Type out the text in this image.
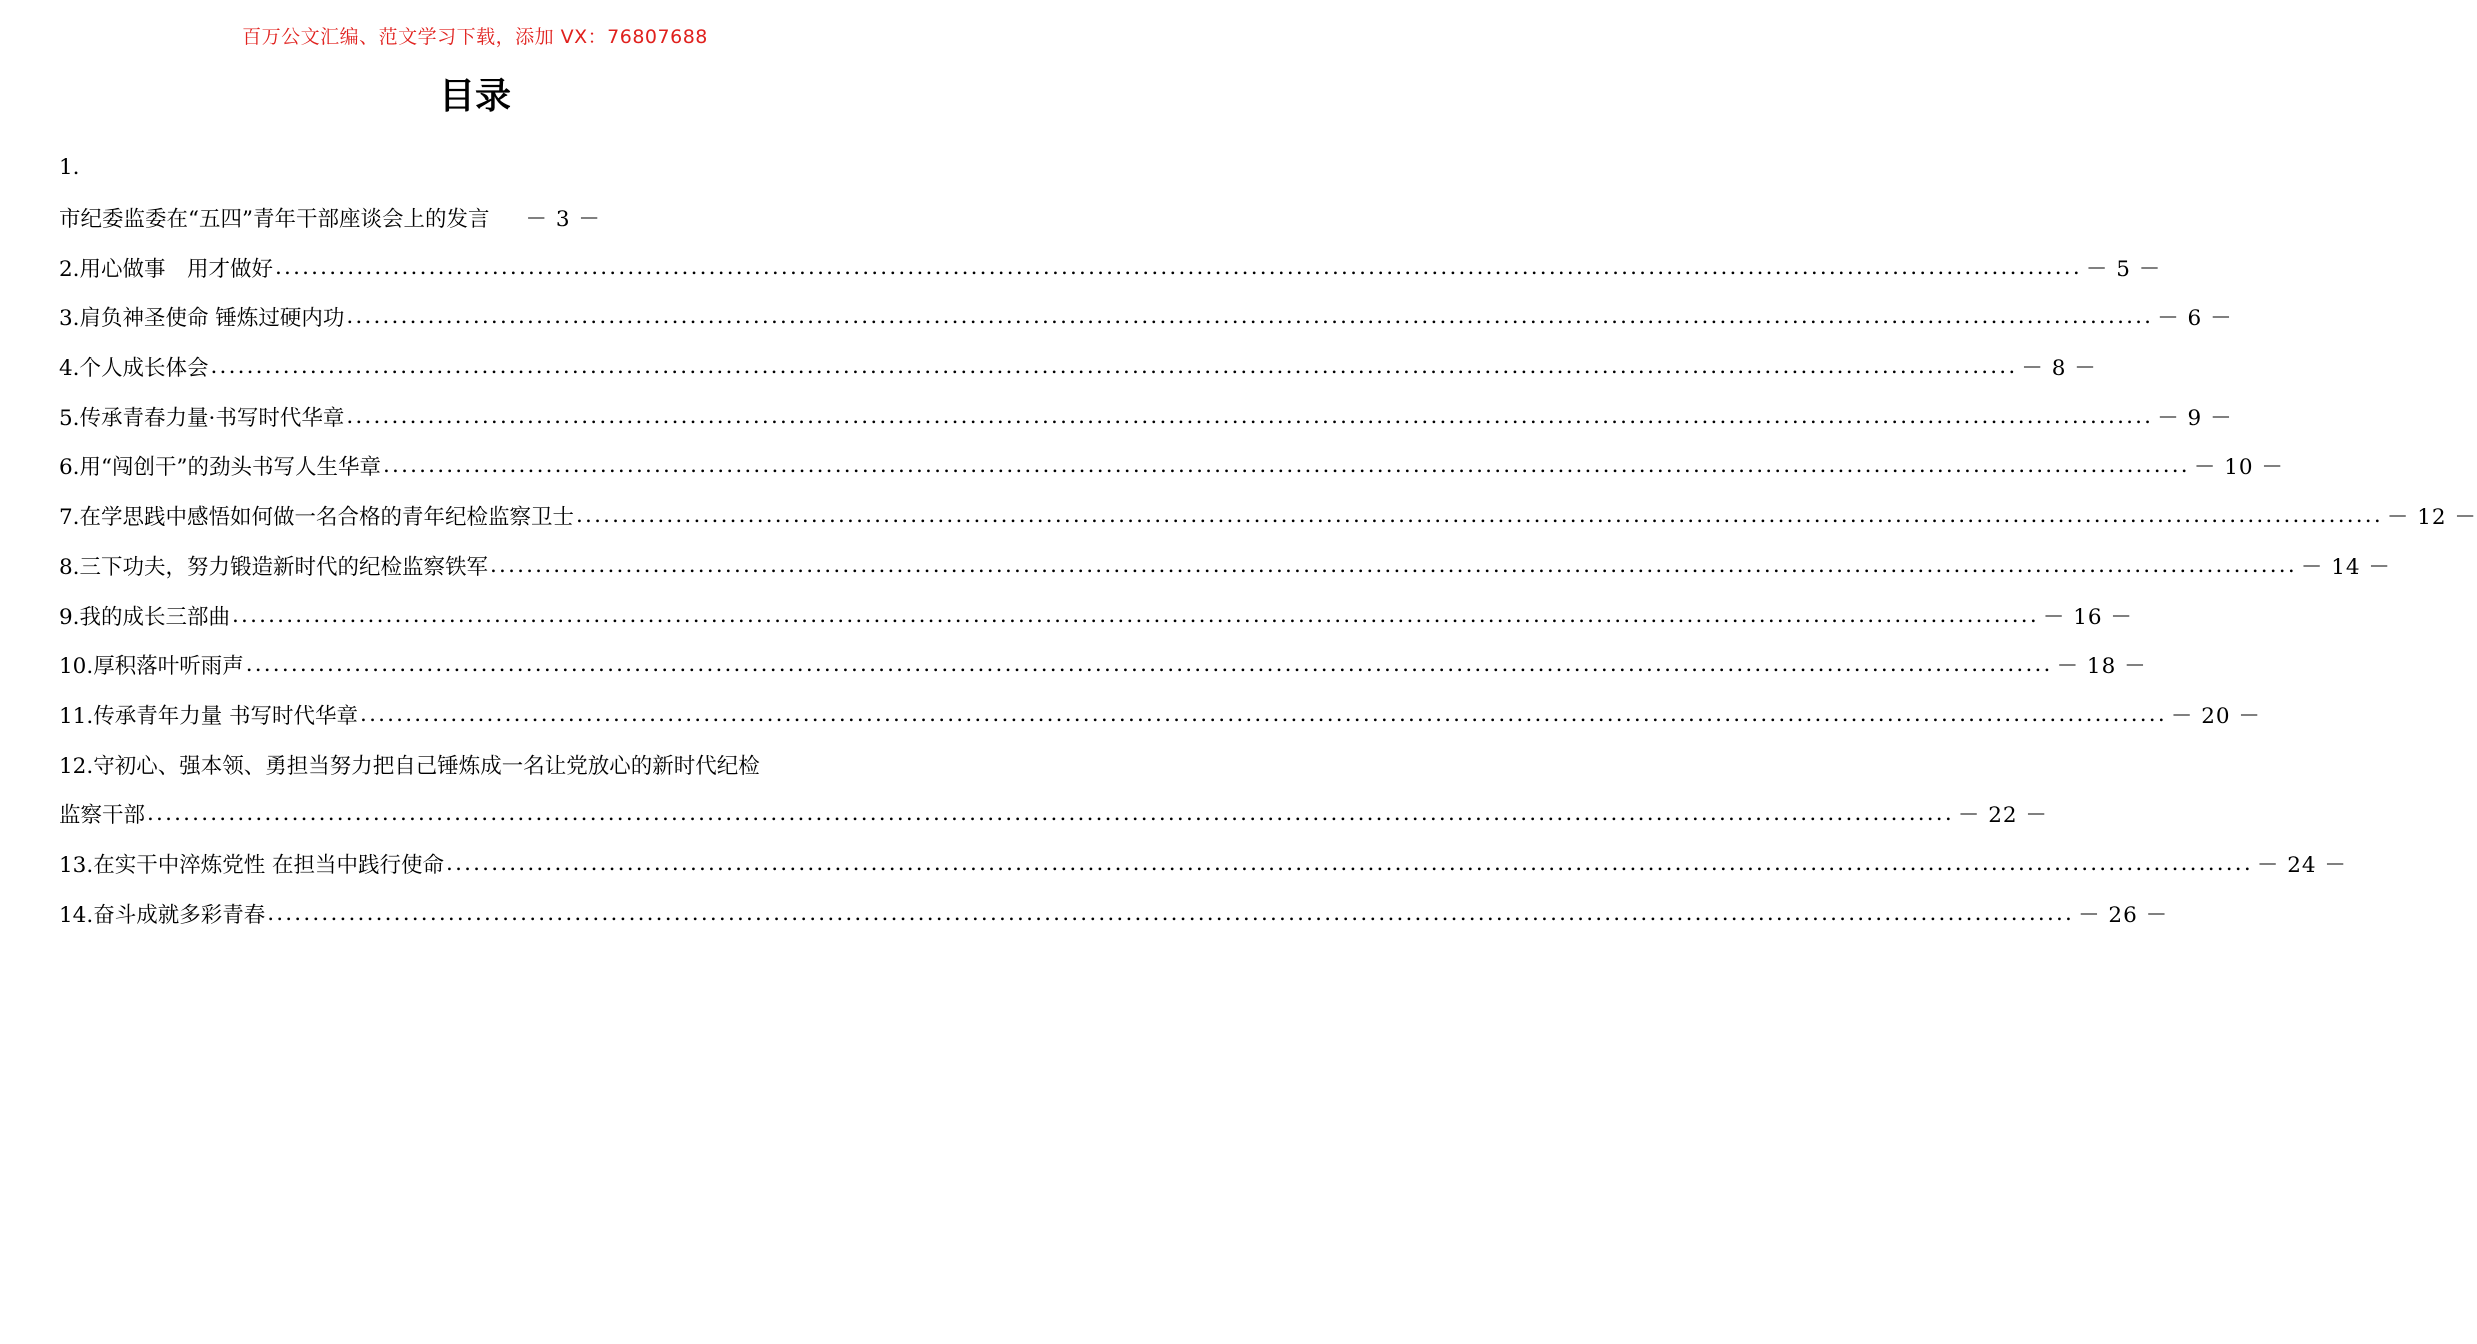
百万公文汇编、范文学习下载，添加 VX：76807688
目录
1.
市纪委监委在“五四”青年干部座谈会上的发言 － 3 －
2.用心做事　用才做好 ........................................................................................................................................................................................................ － 5 －
3.肩负神圣使命 锤炼过硬内功 ........................................................................................................................................................................................................ － 6 －
4.个人成长体会 ........................................................................................................................................................................................................ － 8 －
5.传承青春力量·书写时代华章 ........................................................................................................................................................................................................ － 9 －
6.用“闯创干”的劲头书写人生华章 ........................................................................................................................................................................................................ － 10 －
7.在学思践中感悟如何做一名合格的青年纪检监察卫士 ........................................................................................................................................................................................................ － 12 －
8.三下功夫，努力锻造新时代的纪检监察铁军 ........................................................................................................................................................................................................ － 14 －
9.我的成长三部曲 ........................................................................................................................................................................................................ － 16 －
10.厚积落叶听雨声 ........................................................................................................................................................................................................ － 18 －
11.传承青年力量 书写时代华章 ........................................................................................................................................................................................................ － 20 －
12.守初心、强本领、勇担当努力把自己锤炼成一名让党放心的新时代纪检
监察干部 ........................................................................................................................................................................................................ － 22 －
13.在实干中淬炼党性 在担当中践行使命 ........................................................................................................................................................................................................ － 24 －
14.奋斗成就多彩青春 ........................................................................................................................................................................................................ － 26 －
